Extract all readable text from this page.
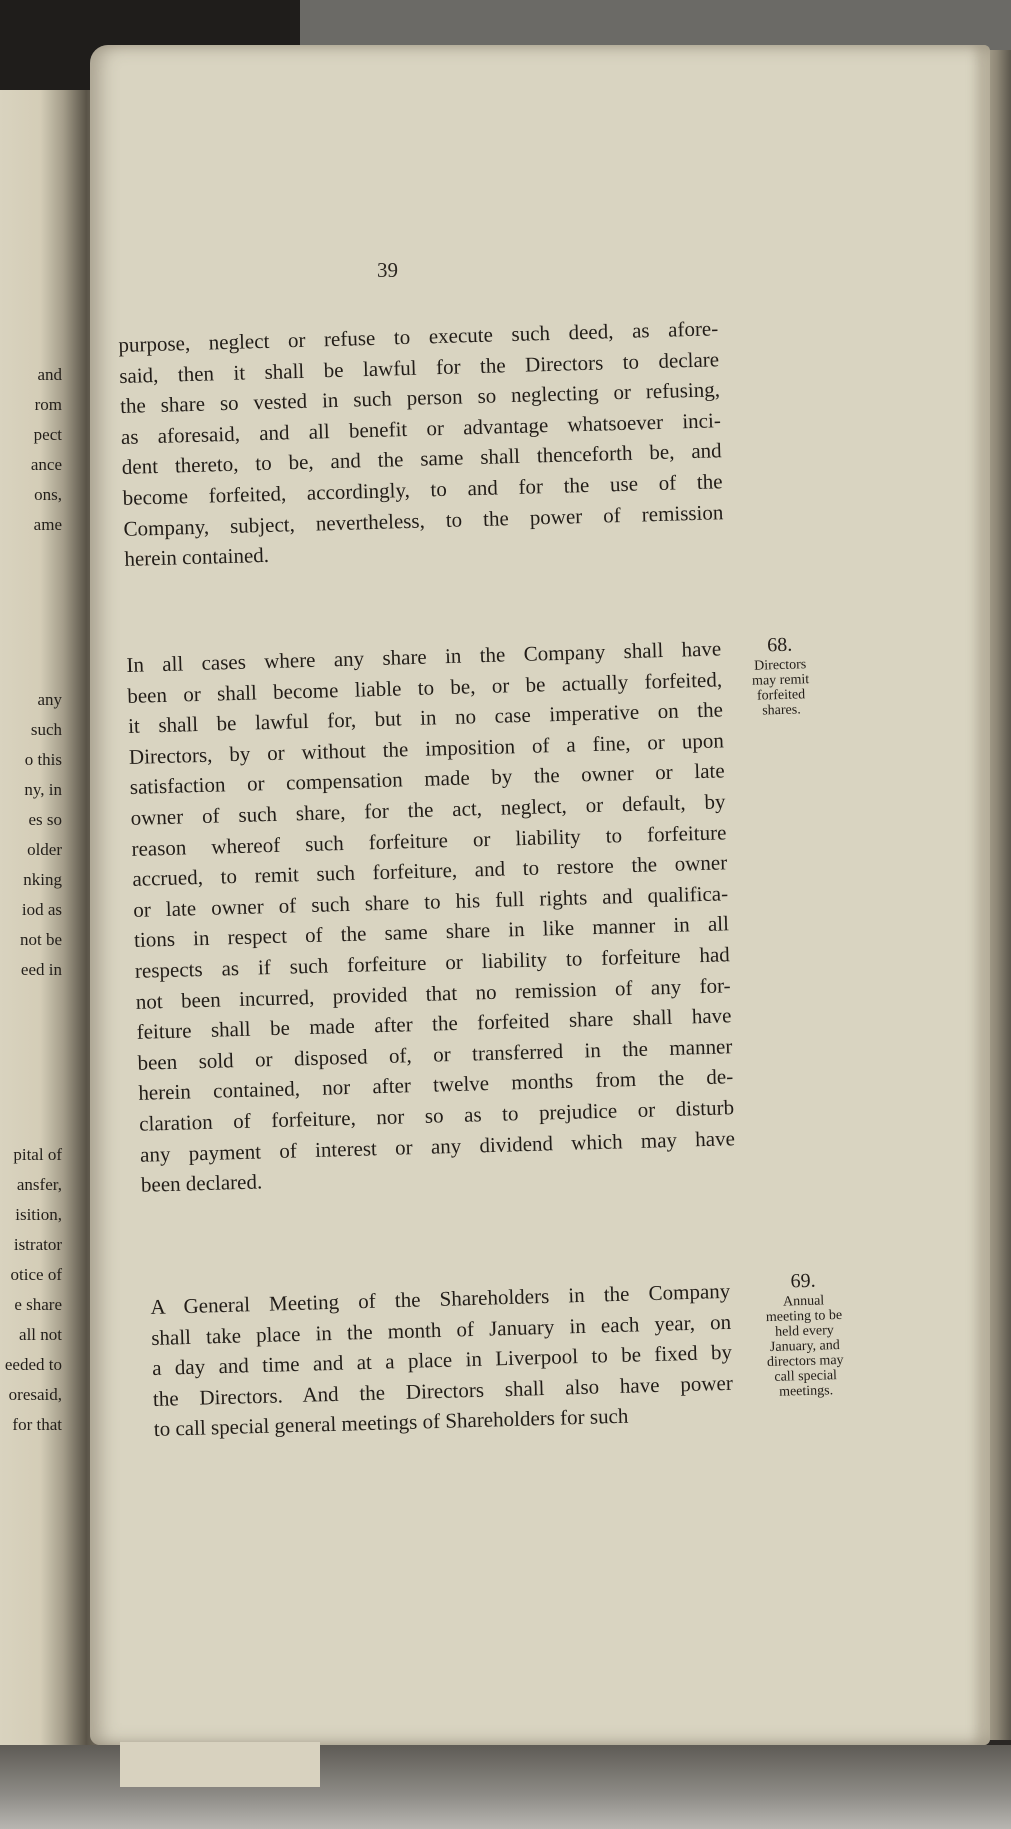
and
rom
pect
ance
ons,
ame
any
such
o this
ny, in
es so
older
nking
iod as
not be
eed in
pital of
ansfer,
isition,
istrator
otice of
e share
all not
eeded to
oresaid,
for that
39
purpose, neglect or refuse to execute such deed, as afore-
said, then it shall be lawful for the Directors to declare
the share so vested in such person so neglecting or refusing,
as aforesaid, and all benefit or advantage whatsoever inci-
dent thereto, to be, and the same shall thenceforth be, and
become forfeited, accordingly, to and for the use of the
Company, subject, nevertheless, to the power of remission
herein contained.
In all cases where any share in the Company shall have
been or shall become liable to be, or be actually forfeited,
it shall be lawful for, but in no case imperative on the
Directors, by or without the imposition of a fine, or upon
satisfaction or compensation made by the owner or late
owner of such share, for the act, neglect, or default, by
reason whereof such forfeiture or liability to forfeiture
accrued, to remit such forfeiture, and to restore the owner
or late owner of such share to his full rights and qualifica-
tions in respect of the same share in like manner in all
respects as if such forfeiture or liability to forfeiture had
not been incurred, provided that no remission of any for-
feiture shall be made after the forfeited share shall have
been sold or disposed of, or transferred in the manner
herein contained, nor after twelve months from the de-
claration of forfeiture, nor so as to prejudice or disturb
any payment of interest or any dividend which may have
been declared.
A General Meeting of the Shareholders in the Company
shall take place in the month of January in each year, on
a day and time and at a place in Liverpool to be fixed by
the Directors. And the Directors shall also have power
to call special general meetings of Shareholders for such
68.
Directors
may remit
forfeited
shares.
69.
Annual
meeting to be
held every
January, and
directors may
call special
meetings.
